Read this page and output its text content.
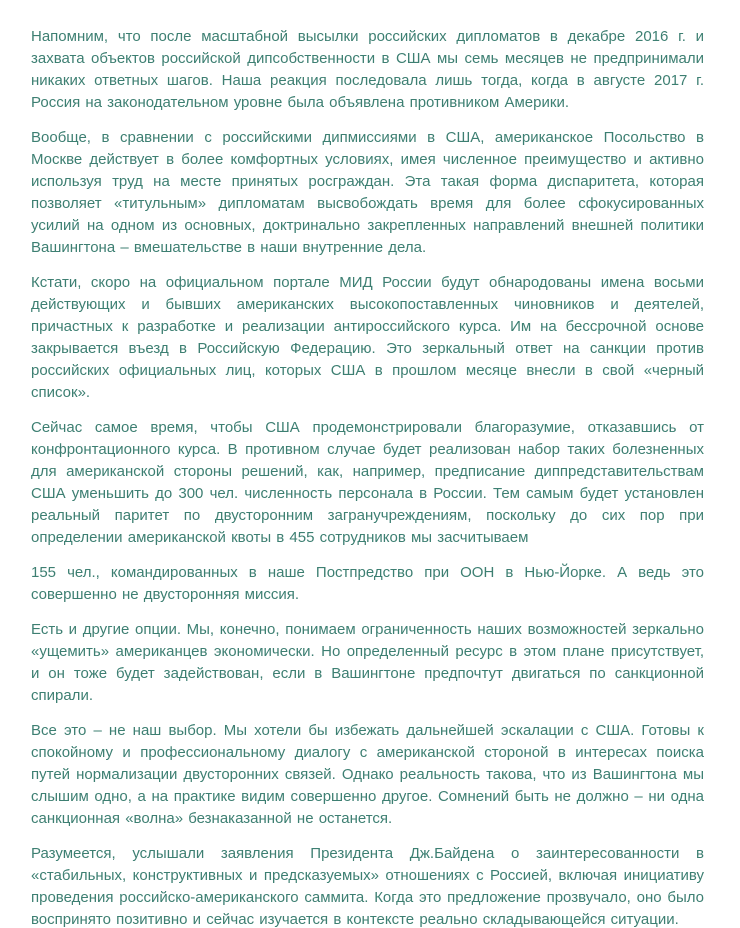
Напомним, что после масштабной высылки российских дипломатов в декабре 2016 г. и захвата объектов российской дипсобственности в США мы семь месяцев не предпринимали никаких ответных шагов. Наша реакция последовала лишь тогда, когда в августе 2017 г. Россия на законодательном уровне была объявлена противником Америки.

Вообще, в сравнении с российскими дипмиссиями в США, американское Посольство в Москве действует в более комфортных условиях, имея численное преимущество и активно используя труд на месте принятых росграждан. Эта такая форма диспаритета, которая позволяет «титульным» дипломатам высвобождать время для более сфокусированных усилий на одном из основных, доктринально закрепленных направлений внешней политики Вашингтона – вмешательстве в наши внутренние дела.

Кстати, скоро на официальном портале МИД России будут обнародованы имена восьми действующих и бывших американских высокопоставленных чиновников и деятелей, причастных к разработке и реализации антироссийского курса. Им на бессрочной основе закрывается въезд в Российскую Федерацию. Это зеркальный ответ на санкции против российских официальных лиц, которых США в прошлом месяце внесли в свой «черный список».

Сейчас самое время, чтобы США продемонстрировали благоразумие, отказавшись от конфронтационного курса. В противном случае будет реализован набор таких болезненных для американской стороны решений, как, например, предписание диппредставительствам США уменьшить до 300 чел. численность персонала в России. Тем самым будет установлен реальный паритет по двусторонним загранучреждениям, поскольку до сих пор при определении американской квоты в 455 сотрудников мы засчитываем

155 чел., командированных в наше Постпредство при ООН в Нью-Йорке. А ведь это совершенно не двусторонняя миссия.

Есть и другие опции. Мы, конечно, понимаем ограниченность наших возможностей зеркально «ущемить» американцев экономически. Но определенный ресурс в этом плане присутствует, и он тоже будет задействован, если в Вашингтоне предпочтут двигаться по санкционной спирали.

Все это – не наш выбор. Мы хотели бы избежать дальнейшей эскалации с США. Готовы к спокойному и профессиональному диалогу с американской стороной в интересах поиска путей нормализации двусторонних связей. Однако реальность такова, что из Вашингтона мы слышим одно, а на практике видим совершенно другое. Сомнений быть не должно – ни одна санкционная «волна» безнаказанной не останется.

Разумеется, услышали заявления Президента Дж.Байдена о заинтересованности в «стабильных, конструктивных и предсказуемых» отношениях с Россией, включая инициативу проведения российско-американского саммита. Когда это предложение прозвучало, оно было воспринято позитивно и сейчас изучается в контексте реально складывающейся ситуации.
